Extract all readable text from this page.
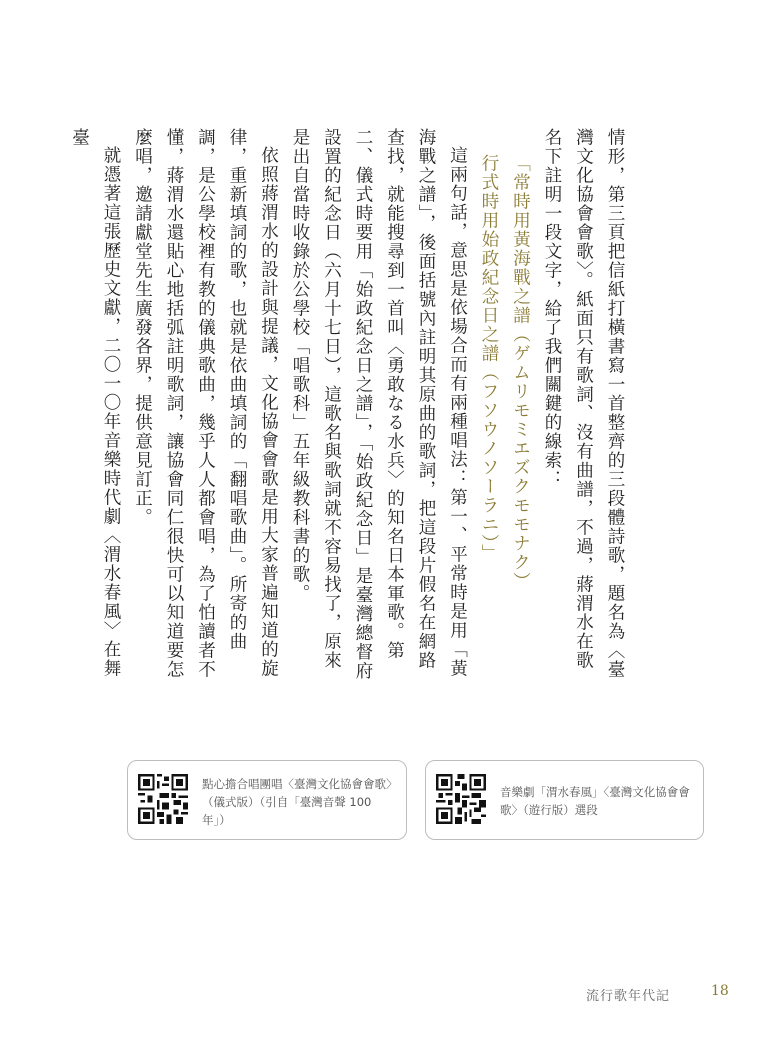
情形，第三頁把信紙打橫書寫一首整齊的三段體詩歌，題名為〈臺灣文化協會會歌〉。紙面只有歌詞、沒有曲譜，不過，蔣渭水在歌名下註明一段文字，給了我們關鍵的線索：

「常時用黃海戰之譜（ゲムリモミエズクモモナク）

行式時用始政紀念日之譜（フソウノソーラニ）」

這兩句話，意思是依場合而有兩種唱法：第一、平常時是用「黃海戰之譜」，後面括號內註明其原曲的歌詞，把這段片假名在網路查找，就能搜尋到一首叫〈勇敢なる水兵〉的知名日本軍歌。第二、儀式時要用「始政紀念日之譜」，「始政紀念日」是臺灣總督府設置的紀念日（六月十七日），這歌名與歌詞就不容易找了，原來是出自當時收錄於公學校「唱歌科」五年級教科書的歌。

依照蔣渭水的設計與提議，文化協會會歌是用大家普遍知道的旋律，重新填詞的歌，也就是依曲填詞的「翻唱歌曲」。所寄的曲調，是公學校裡有教的儀典歌曲，幾乎人人都會唱，為了怕讀者不懂，蔣渭水還貼心地括弧註明歌詞，讓協會同仁很快可以知道要怎麼唱，邀請獻堂先生廣發各界，提供意見訂正。

就憑著這張歷史文獻，二〇一〇年音樂時代劇〈渭水春風〉在舞臺

點心擔合唱團唱〈臺灣文化協會會歌〉（儀式版）（引自「臺灣音聲 100 年」）
音樂劇「渭水春風」〈臺灣文化協會會歌〉（遊行版）選段
流行歌年代記	18
